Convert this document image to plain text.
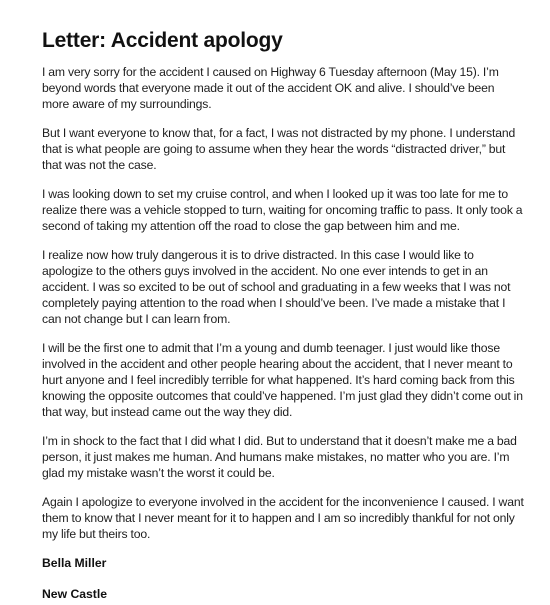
Letter: Accident apology

I am very sorry for the accident I caused on Highway 6 Tuesday afternoon (May 15). I’m beyond words that everyone made it out of the accident OK and alive. I should’ve been more aware of my surroundings.

But I want everyone to know that, for a fact, I was not distracted by my phone. I understand that is what people are going to assume when they hear the words “distracted driver,” but that was not the case.

I was looking down to set my cruise control, and when I looked up it was too late for me to realize there was a vehicle stopped to turn, waiting for oncoming traffic to pass. It only took a second of taking my attention off the road to close the gap between him and me.

I realize now how truly dangerous it is to drive distracted. In this case I would like to apologize to the others guys involved in the accident. No one ever intends to get in an accident. I was so excited to be out of school and graduating in a few weeks that I was not completely paying attention to the road when I should’ve been. I’ve made a mistake that I can not change but I can learn from.

I will be the first one to admit that I’m a young and dumb teenager. I just would like those involved in the accident and other people hearing about the accident, that I never meant to hurt anyone and I feel incredibly terrible for what happened. It’s hard coming back from this knowing the opposite outcomes that could’ve happened. I’m just glad they didn’t come out in that way, but instead came out the way they did.

I’m in shock to the fact that I did what I did. But to understand that it doesn’t make me a bad person, it just makes me human. And humans make mistakes, no matter who you are. I’m glad my mistake wasn’t the worst it could be.

Again I apologize to everyone involved in the accident for the inconvenience I caused. I want them to know that I never meant for it to happen and I am so incredibly thankful for not only my life but theirs too.

Bella Miller

New Castle
